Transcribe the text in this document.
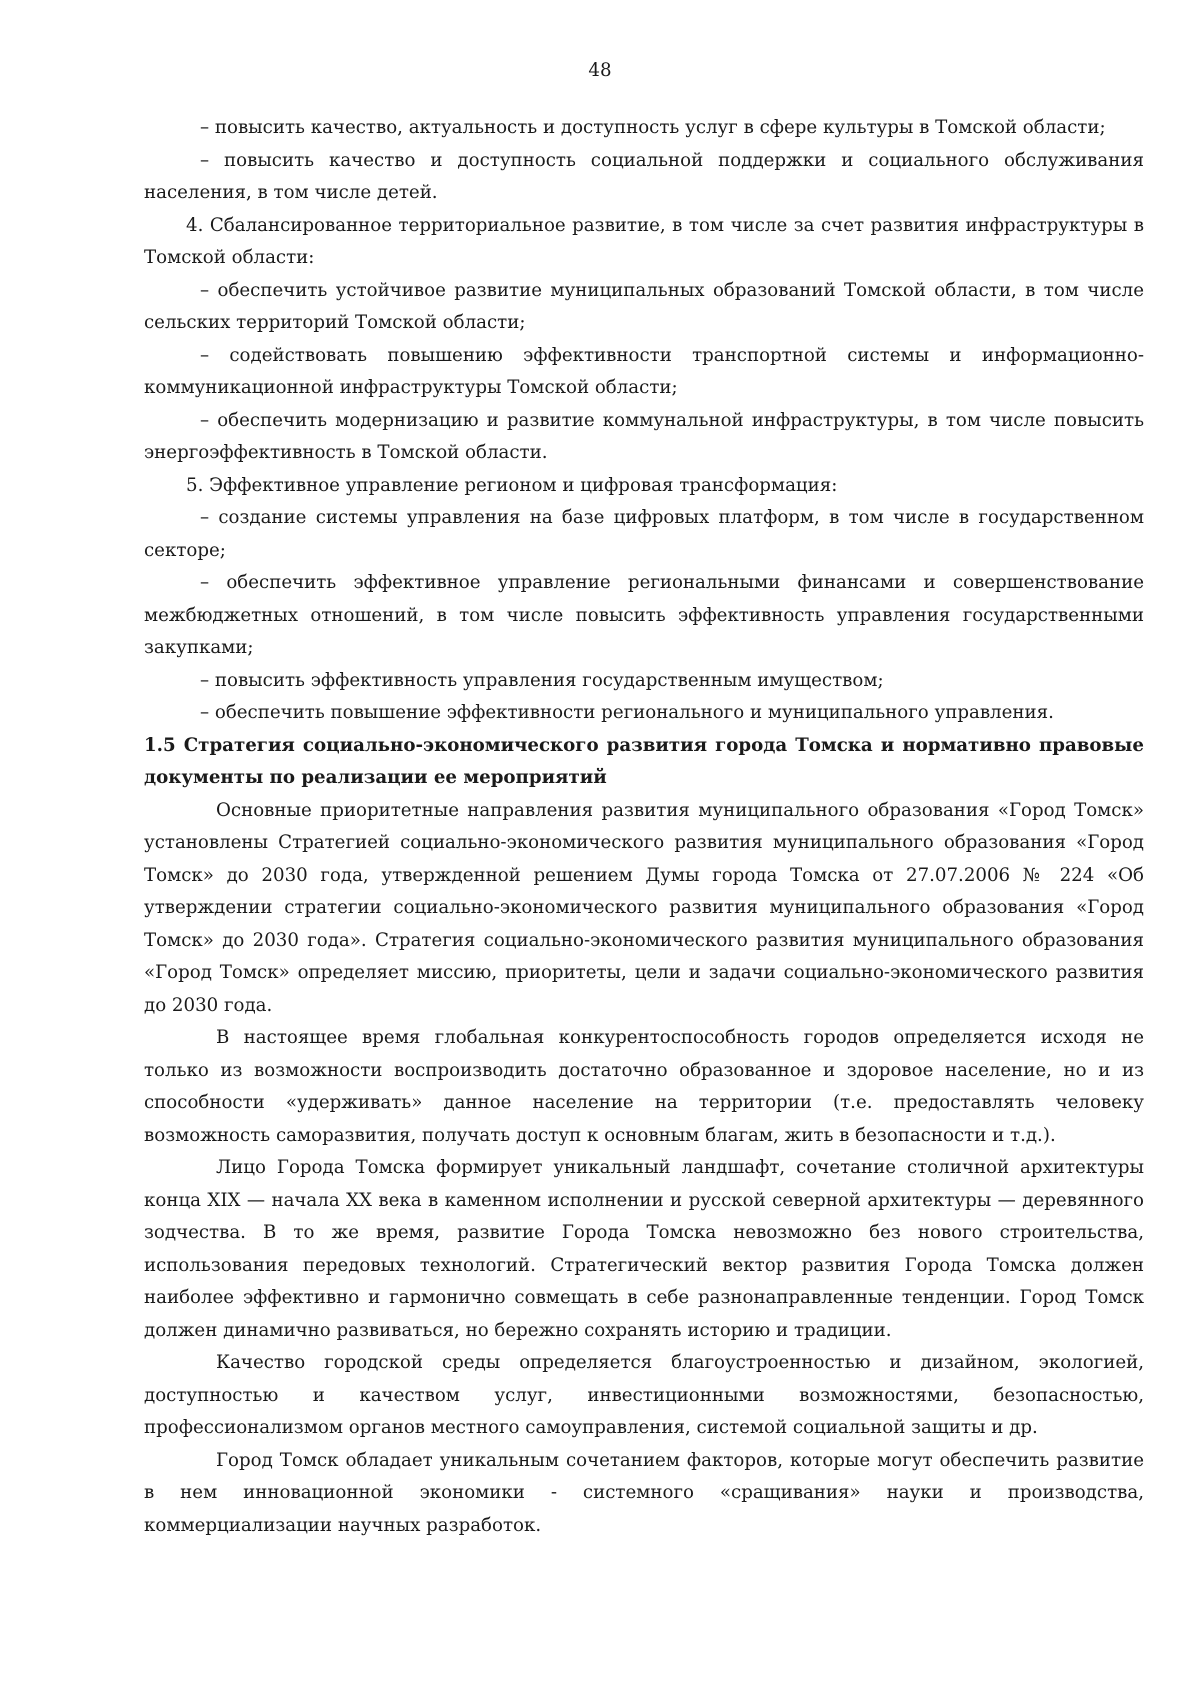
48

– повысить качество, актуальность и доступность услуг в сфере культуры в Томской области;

– повысить качество и доступность социальной поддержки и социального обслуживания населения, в том числе детей.

4. Сбалансированное территориальное развитие, в том числе за счет развития инфраструктуры в Томской области:

– обеспечить устойчивое развитие муниципальных образований Томской области, в том числе сельских территорий Томской области;

– содействовать повышению эффективности транспортной системы и информационно-коммуникационной инфраструктуры Томской области;

– обеспечить модернизацию и развитие коммунальной инфраструктуры, в том числе повысить энергоэффективность в Томской области.

5. Эффективное управление регионом и цифровая трансформация:

– создание системы управления на базе цифровых платформ, в том числе в государственном секторе;

– обеспечить эффективное управление региональными финансами и совершенствование межбюджетных отношений, в том числе повысить эффективность управления государственными закупками;

– повысить эффективность управления государственным имуществом;

– обеспечить повышение эффективности регионального и муниципального управления.

1.5 Стратегия социально-экономического развития города Томска и нормативно правовые документы по реализации ее мероприятий

Основные приоритетные направления развития муниципального образования «Город Томск» установлены Стратегией социально-экономического развития муниципального образования «Город Томск» до 2030 года, утвержденной решением Думы города Томска от 27.07.2006 № 224 «Об утверждении стратегии социально-экономического развития муниципального образования «Город Томск» до 2030 года». Стратегия социально-экономического развития муниципального образования «Город Томск» определяет миссию, приоритеты, цели и задачи социально-экономического развития до 2030 года.

В настоящее время глобальная конкурентоспособность городов определяется исходя не только из возможности воспроизводить достаточно образованное и здоровое население, но и из способности «удерживать» данное население на территории (т.е. предоставлять человеку возможность саморазвития, получать доступ к основным благам, жить в безопасности и т.д.).

Лицо Города Томска формирует уникальный ландшафт, сочетание столичной архитектуры конца XIX — начала XX века в каменном исполнении и русской северной архитектуры — деревянного зодчества. В то же время, развитие Города Томска невозможно без нового строительства, использования передовых технологий. Стратегический вектор развития Города Томска должен наиболее эффективно и гармонично совмещать в себе разнонаправленные тенденции. Город Томск должен динамично развиваться, но бережно сохранять историю и традиции.

Качество городской среды определяется благоустроенностью и дизайном, экологией, доступностью и качеством услуг, инвестиционными возможностями, безопасностью, профессионализмом органов местного самоуправления, системой социальной защиты и др.

Город Томск обладает уникальным сочетанием факторов, которые могут обеспечить развитие в нем инновационной экономики - системного «сращивания» науки и производства, коммерциализации научных разработок.
